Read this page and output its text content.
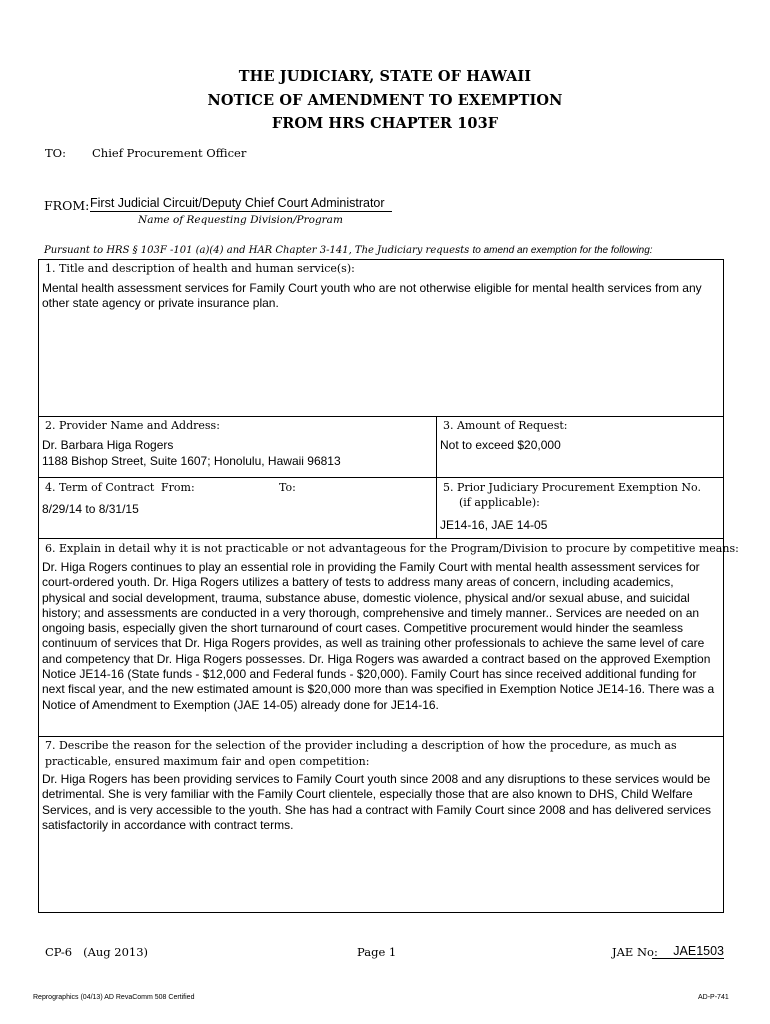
THE JUDICIARY, STATE OF HAWAII
NOTICE OF AMENDMENT TO EXEMPTION
FROM HRS CHAPTER 103F
TO: Chief Procurement Officer
FROM: First Judicial Circuit/Deputy Chief Court Administrator
Name of Requesting Division/Program
Pursuant to HRS § 103F -101 (a)(4) and HAR Chapter 3-141, The Judiciary requests to amend an exemption for the following:
1. Title and description of health and human service(s):
Mental health assessment services for Family Court youth who are not otherwise eligible for mental health services from any other state agency or private insurance plan.
2. Provider Name and Address:
Dr. Barbara Higa Rogers
1188 Bishop Street, Suite 1607; Honolulu, Hawaii 96813
3. Amount of Request:
Not to exceed $20,000
4. Term of Contract From:	To:
8/29/14 to 8/31/15
5. Prior Judiciary Procurement Exemption No.
(if applicable):
JE14-16, JAE 14-05
6. Explain in detail why it is not practicable or not advantageous for the Program/Division to procure by competitive means:
Dr. Higa Rogers continues to play an essential role in providing the Family Court with mental health assessment services for court-ordered youth. Dr. Higa Rogers utilizes a battery of tests to address many areas of concern, including academics, physical and social development, trauma, substance abuse, domestic violence, physical and/or sexual abuse, and suicidal history; and assessments are conducted in a very thorough, comprehensive and timely manner.. Services are needed on an ongoing basis, especially given the short turnaround of court cases. Competitive procurement would hinder the seamless continuum of services that Dr. Higa Rogers provides, as well as training other professionals to achieve the same level of care and competency that Dr. Higa Rogers possesses. Dr. Higa Rogers was awarded a contract based on the approved Exemption Notice JE14-16 (State funds - $12,000 and Federal funds - $20,000). Family Court has since received additional funding for next fiscal year, and the new estimated amount is $20,000 more than was specified in Exemption Notice JE14-16. There was a Notice of Amendment to Exemption (JAE 14-05) already done for JE14-16.
7. Describe the reason for the selection of the provider including a description of how the procedure, as much as practicable, ensured maximum fair and open competition:
Dr. Higa Rogers has been providing services to Family Court youth since 2008 and any disruptions to these services would be detrimental. She is very familiar with the Family Court clientele, especially those that are also known to DHS, Child Welfare Services, and is very accessible to the youth. She has had a contract with Family Court since 2008 and has delivered services satisfactorily in accordance with contract terms.
CP-6   (Aug 2013)	Page 1	JAE No:	JAE1503
Reprographics (04/13) AD RevaComm 508 Certified	AD-P-741
